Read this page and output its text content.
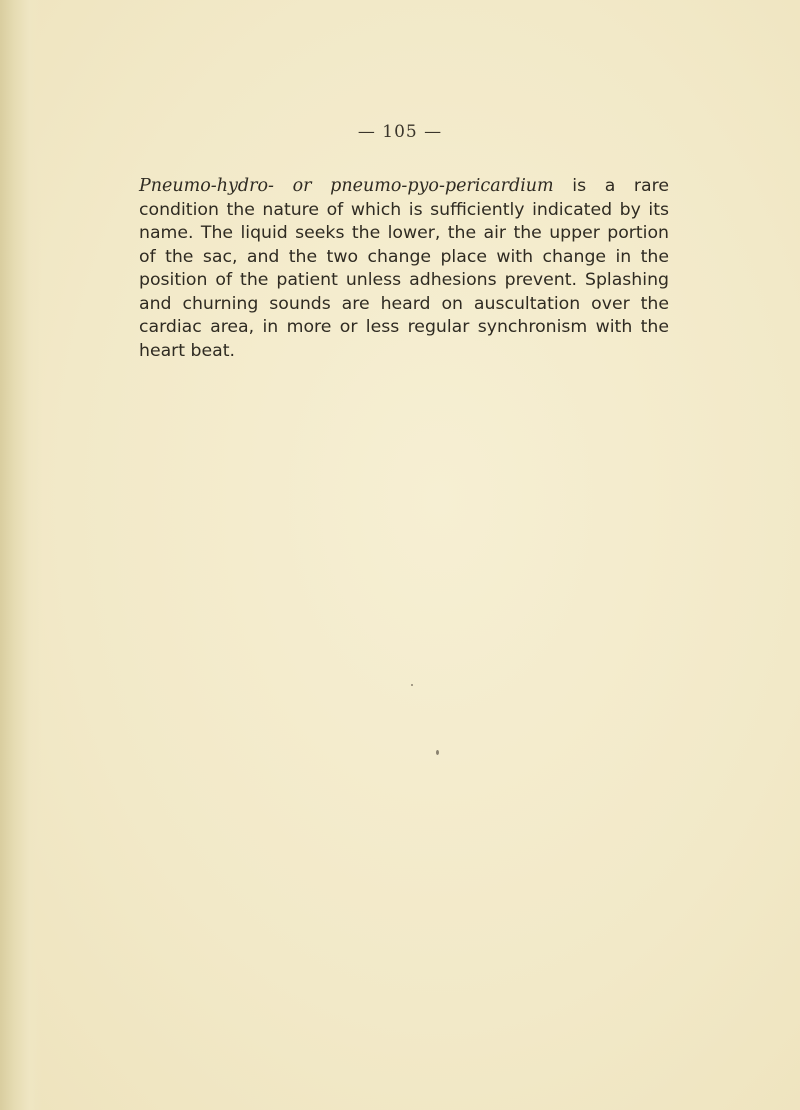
— 105 —

Pneumo-hydro- or pneumo-pyo-pericardium is a rare condition the nature of which is sufficiently indicated by its name. The liquid seeks the lower, the air the upper portion of the sac, and the two change place with change in the position of the patient unless adhesions prevent. Splashing and churning sounds are heard on auscultation over the cardiac area, in more or less regular synchronism with the heart beat.
